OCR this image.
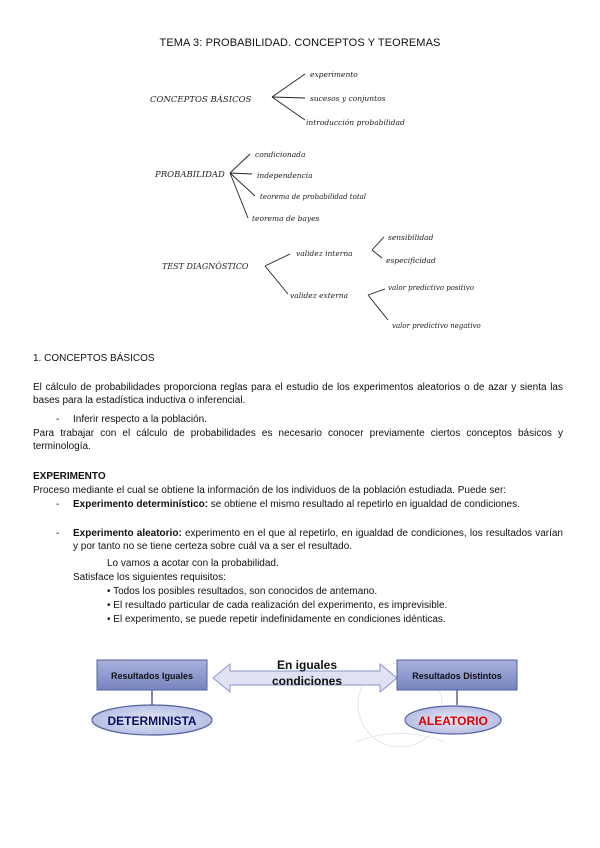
TEMA 3: PROBABILIDAD. CONCEPTOS Y TEOREMAS
CONCEPTOS BÁSICOS
experimento
sucesos y conjuntos
introducción probabilidad
PROBABILIDAD
condicionada
independencia
teorema de probabilidad total
teorema de bayes
TEST DIAGNÓSTICO
validez interna
sensibilidad
especificidad
validez externa
valor predictivo positivo
valor predictivo negativo
1. CONCEPTOS BÁSICOS
El cálculo de probabilidades proporciona reglas para el estudio de los experimentos aleatorios o de azar y sienta las bases para la estadística inductiva o inferencial.
- Inferir respecto a la población.
Para trabajar con el cálculo de probabilidades es necesario conocer previamente ciertos conceptos básicos y terminología.
EXPERIMENTO
Proceso mediante el cual se obtiene la información de los individuos de la población estudiada. Puede ser:
- Experimento determinístico: se obtiene el mismo resultado al repetirlo en igualdad de condiciones.
- Experimento aleatorio: experimento en el que al repetirlo, en igualdad de condiciones, los resultados varían y por tanto no se tiene certeza sobre cuál va a ser el resultado.
Lo vamos a acotar con la probabilidad.
Satisface los siguientes requisitos:
• Todos los posibles resultados, son conocidos de antemano.
• El resultado particular de cada realización del experimento, es imprevisible.
• El experimento, se puede repetir indefinidamente en condiciones idénticas.
Resultados Iguales
En iguales
condiciones	Resultados Distintos
DETERMINISTA	ALEATORIO
